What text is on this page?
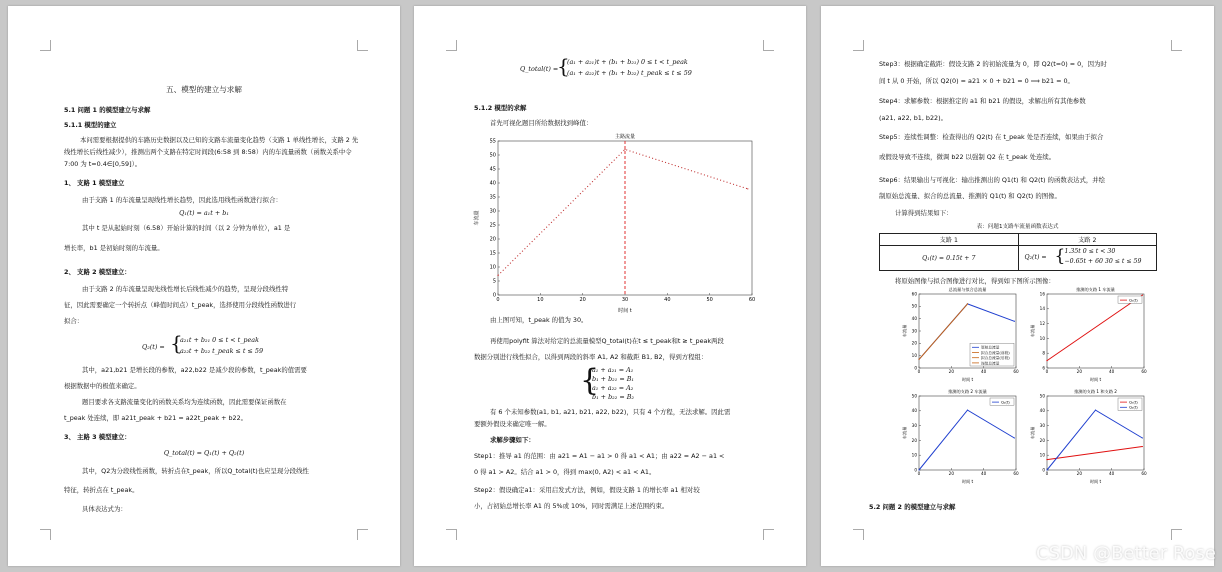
五、模型的建立与求解
5.1 问题 1 的模型建立与求解
5.1.1 模型的建立
本问需要根据提供的车路历史数据以及已知的支路车流量变化趋势（支路 1 单线性增长，支路 2 先线性增长后线性减少），推测出两个支路在特定时间段(6:58 到 8:58）内的车流量函数（函数关系中令 7:00 为 t=0.4∈[0,59]）。
1、 支路 1 模型建立
由于支路 1 的车流量呈现线性增长趋势，因此选用线性函数进行拟合：
Q₁(t) = a₁t + b₁
其中 t 是从起始时刻（6.58）开始计算的时间（以 2 分钟为单位），a1 是
增长率，b1 是初始时刻的车流量。
2、 支路 2 模型建立：
由于支路 2 的车流量呈现先线性增长后线性减少的趋势，呈现分段线性特
征，因此需要确定一个转折点（峰值时间点）t_peak，选择使用分段线性函数进行
拟合：
Q₂(t) = {
a₂₁t + b₂₁ 0 ≤ t < t_peak
a₂₂t + b₂₂ t_peak ≤ t ≤ 59
其中，a21,b21 是增长段的参数，a22,b22 是减少段的参数，t_peak的值需要
根据数据中的极值来确定。
题目要求各支路流量变化的函数关系均为连续函数，因此需要保证函数在
t_peak 处连续，即 a21t_peak + b21 = a22t_peak + b22。
3、 主路 3 模型建立：
Q_total(t) = Q₁(t) + Q₂(t)
其中，Q2为分段线性函数，转折点在t_peak，所以Q_total(t)也应呈现分段线性
特征，转折点在 t_peak。
具体表达式为：
Q_total(t) =
{
(a₁ + a₂₁)t + (b₁ + b₂₁) 0 ≤ t < t_peak
(a₁ + a₂₂)t + (b₁ + b₂₂) t_peak ≤ t ≤ 59
5.1.2 模型的求解
首先可视化题目所给数据找到峰值：
主路流量
0	10	20	30	40	50	60
0
5
10
15
20
25
30
35
40
45
50
55
时间 t
车流量
由上图可知，t_peak 的值为 30。
再使用polyfit 算法对给定的总流量模型Q_total(t)在t ≤ t_peak和t ≥ t_peak两段
数据分别进行线性拟合，以得到两段的斜率 A1, A2 和截距 B1, B2，得到方程组：
{
a₁ + a₂₁ = A₁
b₁ + b₂₁ = B₁
a₁ + a₂₂ = A₂
b₁ + b₂₂ = B₂
有 6 个未知参数(a1, b1, a21, b21, a22, b22)，只有 4 个方程，无法求解。因此需
要额外假设来确定唯一解。
求解步骤如下：
Step1：推导 a1 的范围：由 a21 = A1 − a1 > 0 得 a1 < A1；由 a22 = A2 − a1 <
0 得 a1 > A2。结合 a1 > 0，得到 max(0, A2) < a1 < A1。
Step2：假设确定a1：采用启发式方法，例如，假设支路 1 的增长率 a1 相对较
小，占初始总增长率 A1 的 5%或 10%，同时需满足上述范围约束。
Step3：根据确定截距：假设支路 2 的初始流量为 0，即 Q2(t=0) = 0，因为时
间 t 从 0 开始，所以 Q2(0) = a21 × 0 + b21 = 0 ⟹ b21 = 0。
Step4：求解参数：根据推定的 a1 和 b21 的假设，求解出所有其他参数
(a21, a22, b1, b22)。
Step5：连续性调整：检查得出的 Q2(t) 在 t_peak 处是否连续，如果由于拟合
或假设导致不连续，微调 b22 以强制 Q2 在 t_peak 处连续。
Step6：结果输出与可视化：输出推测出的 Q1(t) 和 Q2(t) 的函数表达式，并绘
制原始总流量、拟合的总流量、推测的 Q1(t) 和 Q2(t) 的图像。
计算得到结果如下：
表：问题1支路车流量函数表达式
支路 1	支路 2
Q₁(t) = 0.15t + 7	Q₂(t) = { 1.35t 0 ≤ t < 30
−0.65t + 60 30 ≤ t ≤ 59
将原始图像与拟合图像进行对比，得到如下图所示图像：
总流量与拟合总流量
0	20	40	60
0
10
20
30
40
50
60
时间 t
车流量
原始总流量
拟合总流量(前段)
拟合总流量(后段)
连续总流量
推测的支路 1 车流量
0	20	40	60
6
8
10
12
14
16
时间 t
车流量
Q₁(t)
推测的支路 2 车流量
0	20	40	60
0
10
20
30
40
50
时间 t
车流量
Q₂(t)
推测的支路 1 和支路 2
0	20	40	60
0
10
20
30
40
50
时间 t
车流量
Q₁(t)
Q₂(t)
5.2 问题 2 的模型建立与求解
CSDN @Better Rose
